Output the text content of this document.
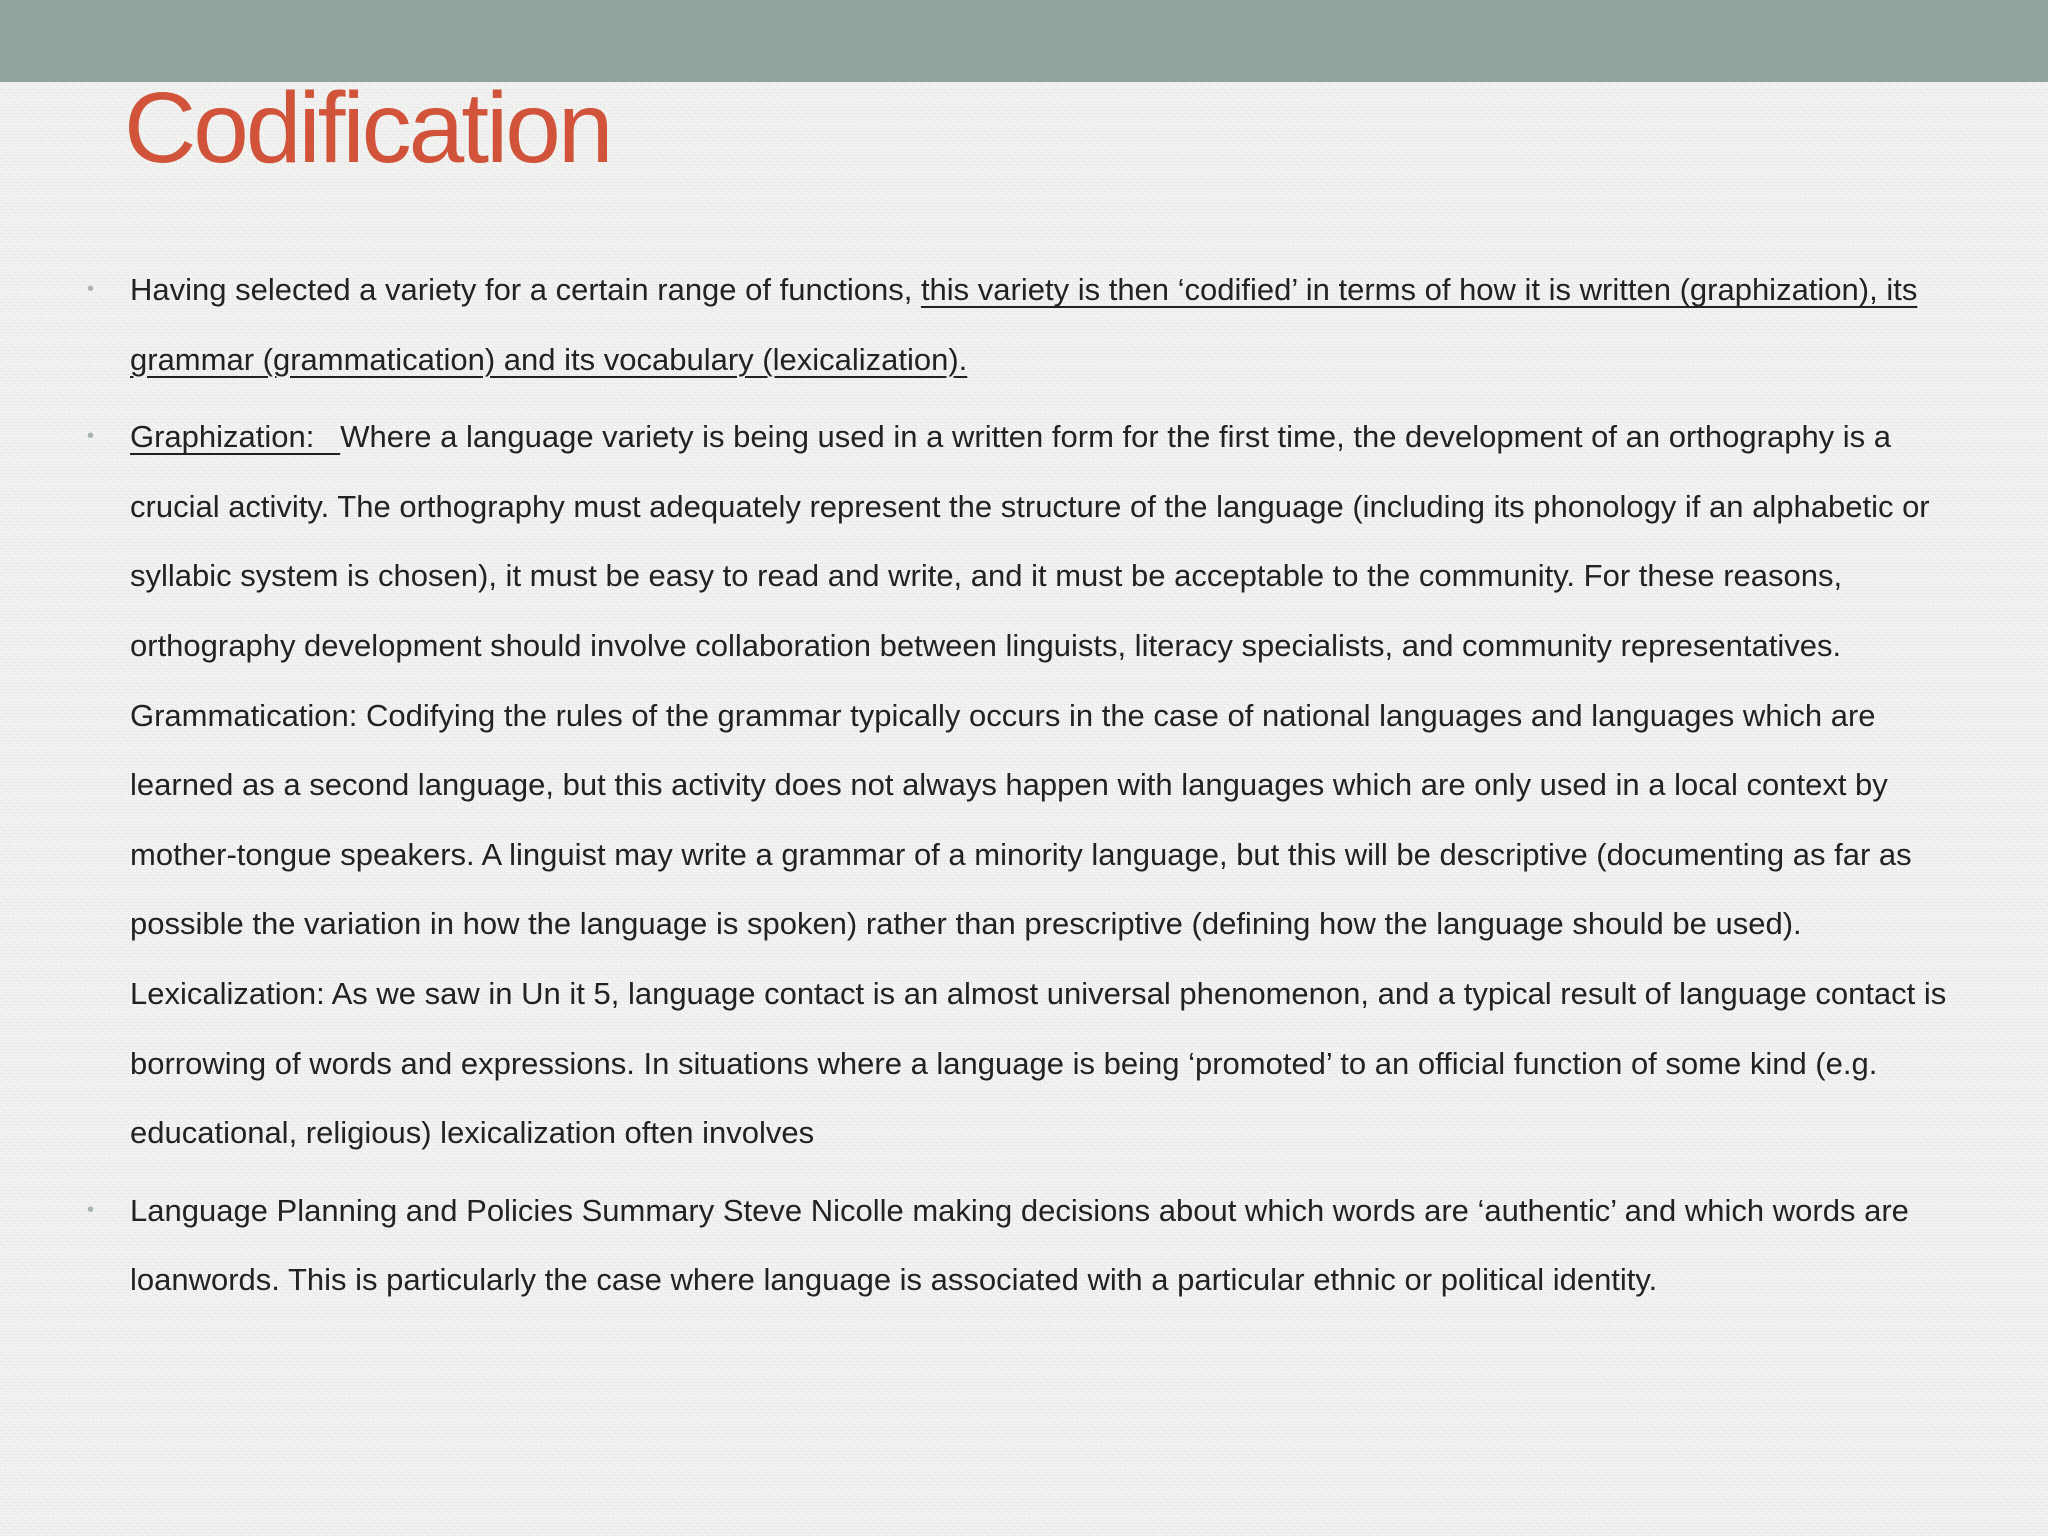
Codification
• Having selected a variety for a certain range of functions, this variety is then ‘codified’ in terms of how it is written (graphization), its grammar (grammatication) and its vocabulary (lexicalization).
• Graphization:   Where a language variety is being used in a written form for the first time, the development of an orthography is a crucial activity. The orthography must adequately represent the structure of the language (including its phonology if an alphabetic or syllabic system is chosen), it must be easy to read and write, and it must be acceptable to the community. For these reasons, orthography development should involve collaboration between linguists, literacy specialists, and community representatives. Grammatication: Codifying the rules of the grammar typically occurs in the case of national languages and languages which are learned as a second language, but this activity does not always happen with languages which are only used in a local context by mother-tongue speakers. A linguist may write a grammar of a minority language, but this will be descriptive (documenting as far as possible the variation in how the language is spoken) rather than prescriptive (defining how the language should be used). Lexicalization: As we saw in Un it 5, language contact is an almost universal phenomenon, and a typical result of language contact is borrowing of words and expressions. In situations where a language is being ‘promoted’ to an official function of some kind (e.g. educational, religious) lexicalization often involves
• Language Planning and Policies Summary Steve Nicolle making decisions about which words are ‘authentic’ and which words are loanwords. This is particularly the case where language is associated with a particular ethnic or political identity.
